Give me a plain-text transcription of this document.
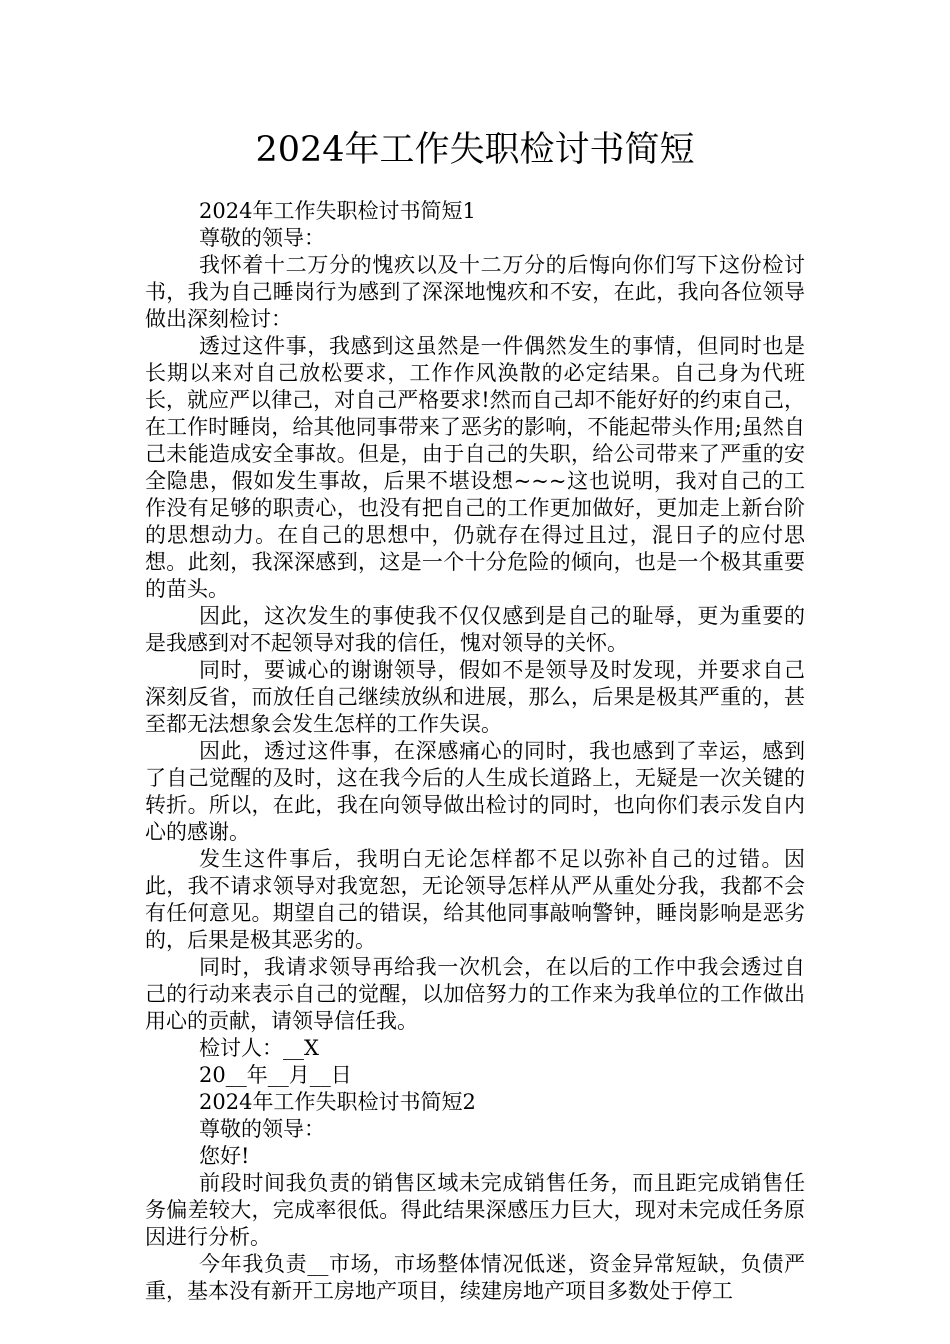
2024年工作失职检讨书简短

2024年工作失职检讨书简短1

尊敬的领导：

我怀着十二万分的愧疚以及十二万分的后悔向你们写下这份检讨书，我为自己睡岗行为感到了深深地愧疚和不安，在此，我向各位领导做出深刻检讨：

透过这件事，我感到这虽然是一件偶然发生的事情，但同时也是长期以来对自己放松要求，工作作风涣散的必定结果。自己身为代班长，就应严以律己，对自己严格要求!然而自己却不能好好的约束自己，在工作时睡岗，给其他同事带来了恶劣的影响，不能起带头作用;虽然自己未能造成安全事故。但是，由于自己的失职，给公司带来了严重的安全隐患，假如发生事故，后果不堪设想~~~这也说明，我对自己的工作没有足够的职责心，也没有把自己的工作更加做好，更加走上新台阶的思想动力。在自己的思想中，仍就存在得过且过，混日子的应付思想。此刻，我深深感到，这是一个十分危险的倾向，也是一个极其重要的苗头。

因此，这次发生的事使我不仅仅感到是自己的耻辱，更为重要的是我感到对不起领导对我的信任，愧对领导的关怀。

同时，要诚心的谢谢领导，假如不是领导及时发现，并要求自己深刻反省，而放任自己继续放纵和进展，那么，后果是极其严重的，甚至都无法想象会发生怎样的工作失误。

因此，透过这件事，在深感痛心的同时，我也感到了幸运，感到了自己觉醒的及时，这在我今后的人生成长道路上，无疑是一次关键的转折。所以，在此，我在向领导做出检讨的同时，也向你们表示发自内心的感谢。

发生这件事后，我明白无论怎样都不足以弥补自己的过错。因此，我不请求领导对我宽恕，无论领导怎样从严从重处分我，我都不会有任何意见。期望自己的错误，给其他同事敲响警钟，睡岗影响是恶劣的，后果是极其恶劣的。

同时，我请求领导再给我一次机会，在以后的工作中我会透过自己的行动来表示自己的觉醒，以加倍努力的工作来为我单位的工作做出用心的贡献，请领导信任我。

检讨人：__X

20__年__月__日

2024年工作失职检讨书简短2

尊敬的领导：

您好!

前段时间我负责的销售区域未完成销售任务，而且距完成销售任务偏差较大，完成率很低。得此结果深感压力巨大，现对未完成任务原因进行分析。

今年我负责__市场，市场整体情况低迷，资金异常短缺，负债严重，基本没有新开工房地产项目，续建房地产项目多数处于停工
